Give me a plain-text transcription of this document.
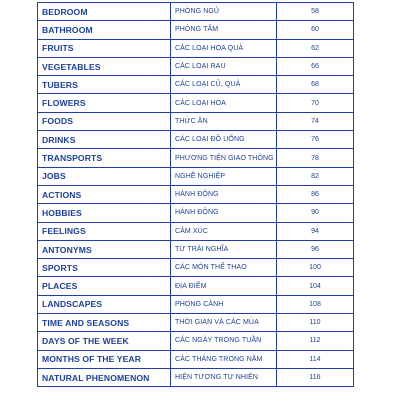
BEDROOM	PHÒNG NGỦ	58
BATHROOM	PHÒNG TẮM	60
FRUITS	CÁC LOẠI HOA QUẢ	62
VEGETABLES	CÁC LOẠI RAU	66
TUBERS	CÁC LOẠI CỦ, QUẢ	68
FLOWERS	CÁC LOẠI HOA	70
FOODS	THỨC ĂN	74
DRINKS	CÁC LOẠI ĐỒ UỐNG	76
TRANSPORTS	PHƯƠNG TIỆN GIAO THÔNG	78
JOBS	NGHỀ NGHIỆP	82
ACTIONS	HÀNH ĐỘNG	86
HOBBIES	HÀNH ĐỘNG	90
FEELINGS	CẢM XÚC	94
ANTONYMS	TỪ TRÁI NGHĨA	96
SPORTS	CÁC MÔN THỂ THAO	100
PLACES	ĐỊA ĐIỂM	104
LANDSCAPES	PHONG CẢNH	108
TIME AND SEASONS	THỜI GIAN VÀ CÁC MÙA	110
DAYS OF THE WEEK	CÁC NGÀY TRONG TUẦN	112
MONTHS OF THE YEAR	CÁC THÁNG TRONG NĂM	114
NATURAL PHENOMENON	HIỆN TƯỢNG TỰ NHIÊN	116
